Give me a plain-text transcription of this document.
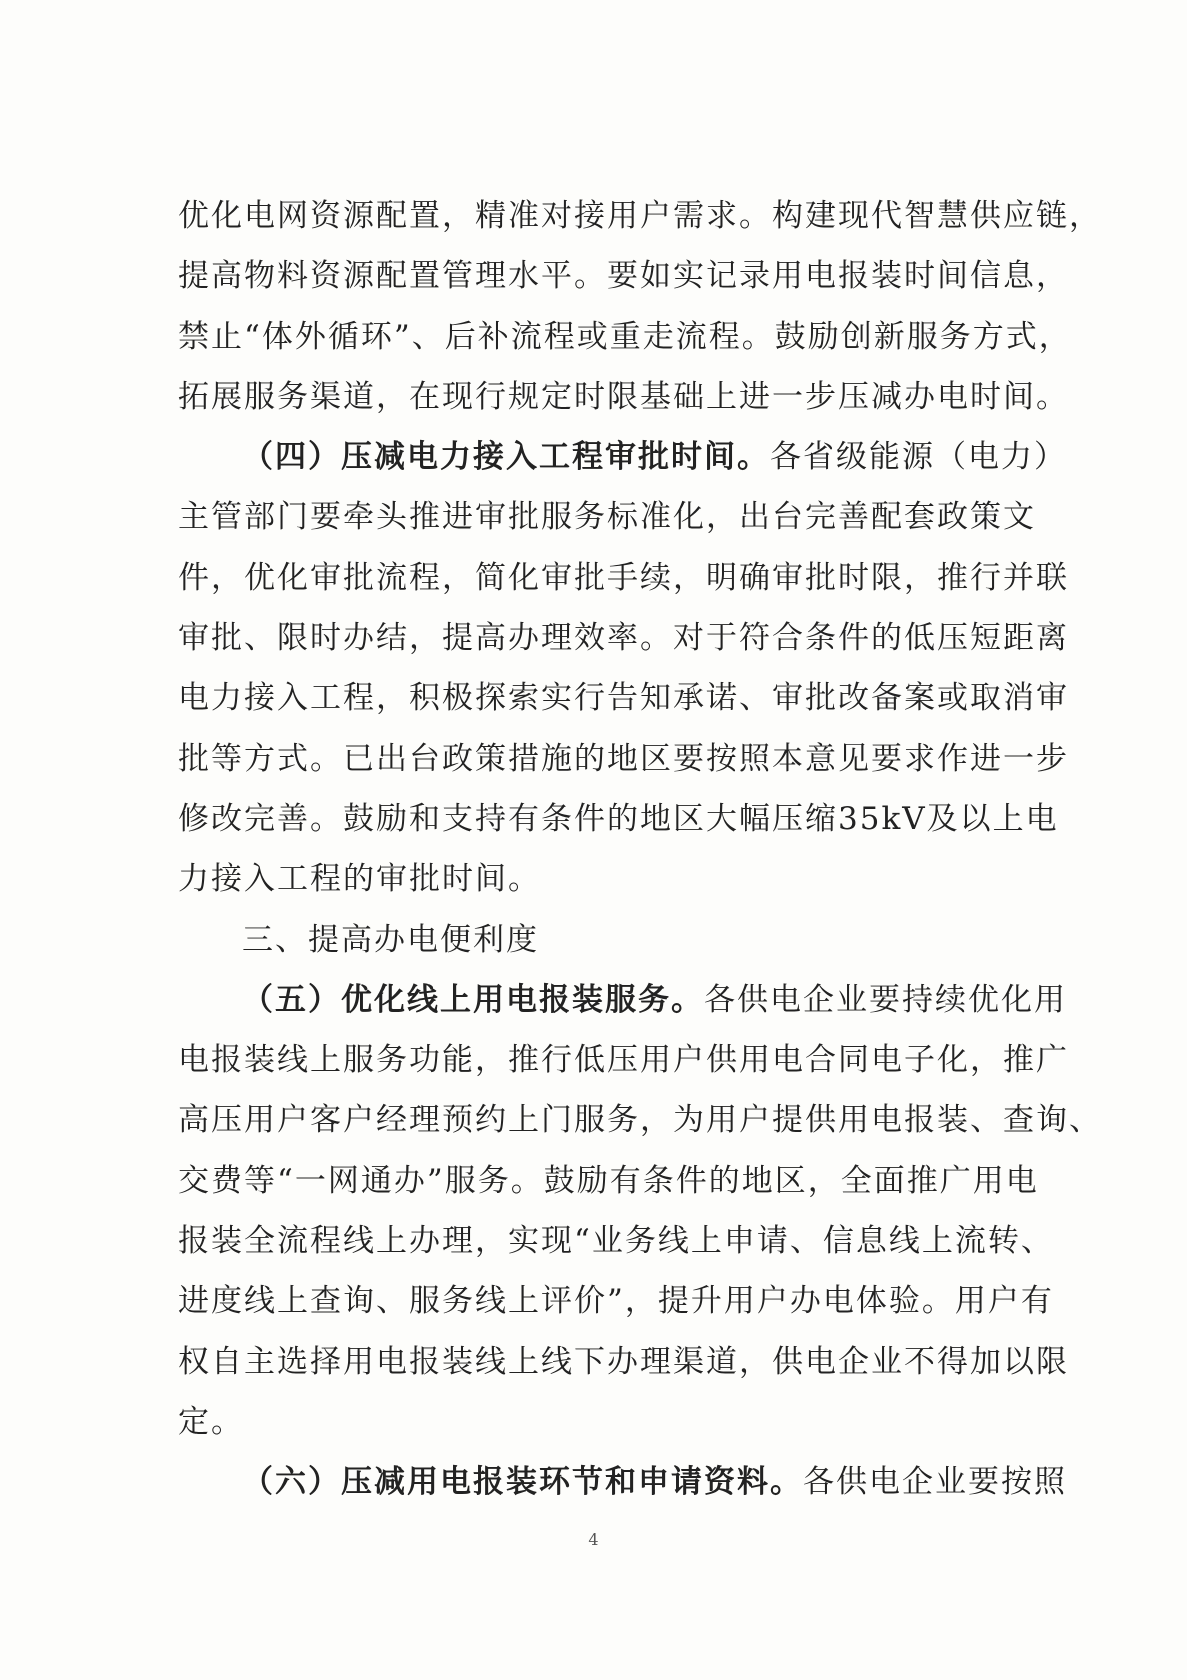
优化电网资源配置，精准对接用户需求。构建现代智慧供应链，
提高物料资源配置管理水平。要如实记录用电报装时间信息，
禁止“体外循环”、后补流程或重走流程。鼓励创新服务方式，
拓展服务渠道，在现行规定时限基础上进一步压减办电时间。
（四）压减电力接入工程审批时间。各省级能源（电力）
主管部门要牵头推进审批服务标准化，出台完善配套政策文
件，优化审批流程，简化审批手续，明确审批时限，推行并联
审批、限时办结，提高办理效率。对于符合条件的低压短距离
电力接入工程，积极探索实行告知承诺、审批改备案或取消审
批等方式。已出台政策措施的地区要按照本意见要求作进一步
修改完善。鼓励和支持有条件的地区大幅压缩35kV及以上电
力接入工程的审批时间。
三、提高办电便利度
（五）优化线上用电报装服务。各供电企业要持续优化用
电报装线上服务功能，推行低压用户供用电合同电子化，推广
高压用户客户经理预约上门服务，为用户提供用电报装、查询、
交费等“一网通办”服务。鼓励有条件的地区，全面推广用电
报装全流程线上办理，实现“业务线上申请、信息线上流转、
进度线上查询、服务线上评价”，提升用户办电体验。用户有
权自主选择用电报装线上线下办理渠道，供电企业不得加以限
定。
（六）压减用电报装环节和申请资料。各供电企业要按照
4
